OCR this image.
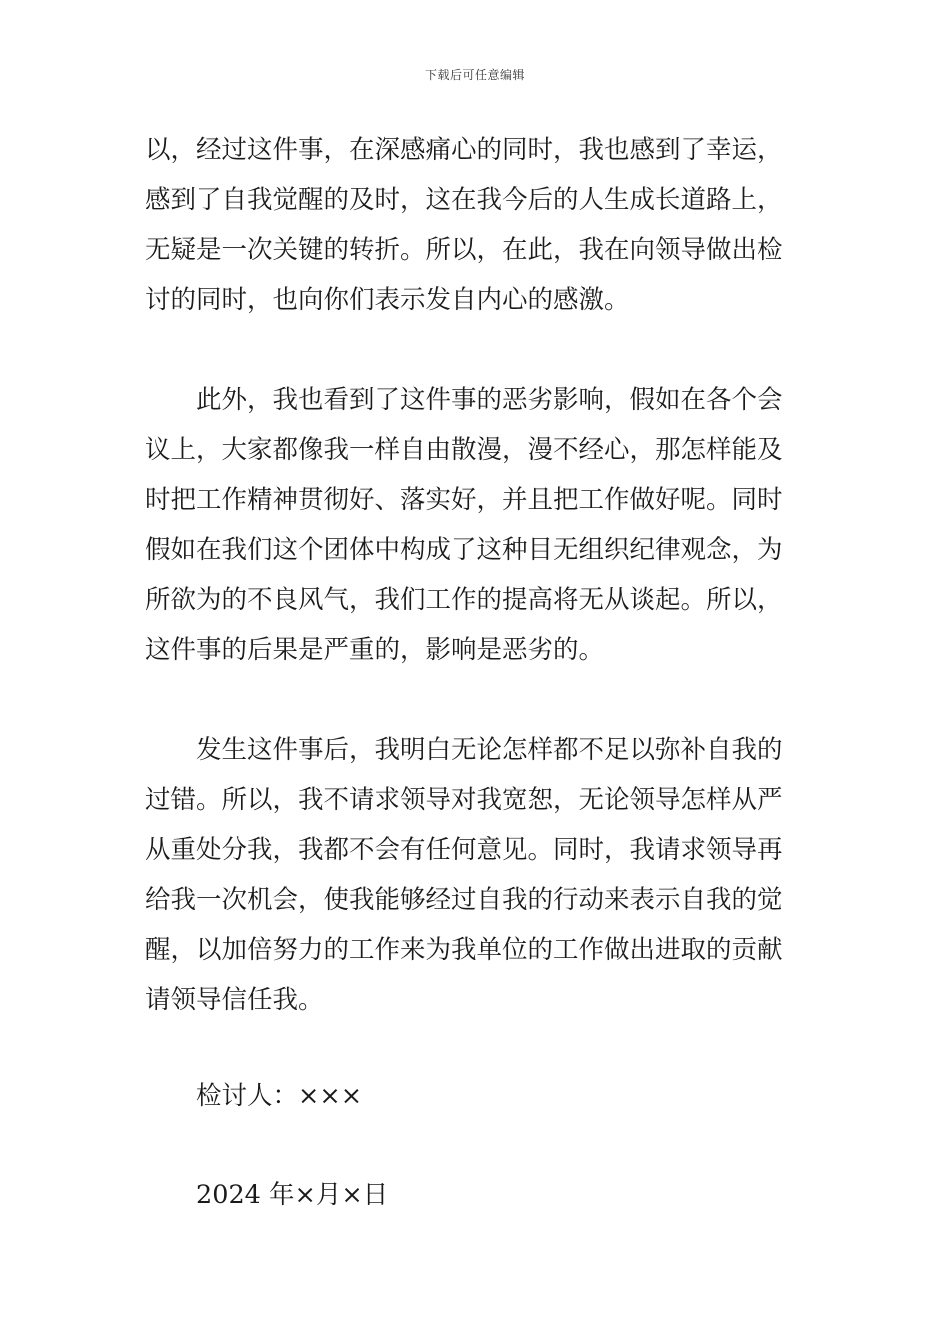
下载后可任意编辑

以，经过这件事，在深感痛心的同时，我也感到了幸运，
感到了自我觉醒的及时，这在我今后的人生成长道路上，
无疑是一次关键的转折。所以，在此，我在向领导做出检
讨的同时，也向你们表示发自内心的感激。

此外，我也看到了这件事的恶劣影响，假如在各个会
议上，大家都像我一样自由散漫，漫不经心，那怎样能及
时把工作精神贯彻好、落实好，并且把工作做好呢。同时
假如在我们这个团体中构成了这种目无组织纪律观念，为
所欲为的不良风气，我们工作的提高将无从谈起。所以，
这件事的后果是严重的，影响是恶劣的。

发生这件事后，我明白无论怎样都不足以弥补自我的
过错。所以，我不请求领导对我宽恕，无论领导怎样从严
从重处分我，我都不会有任何意见。同时，我请求领导再
给我一次机会，使我能够经过自我的行动来表示自我的觉
醒，以加倍努力的工作来为我单位的工作做出进取的贡献
请领导信任我。

检讨人：×××
2024 年×月×日
